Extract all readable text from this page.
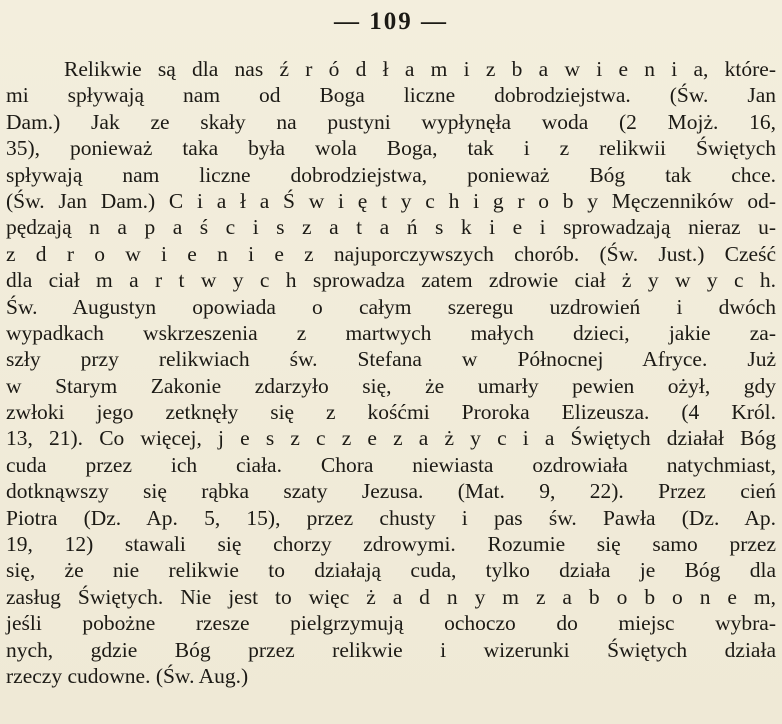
— 109 —
Relikwie są dla nas ź r ó d ł a m i z b a w i e n i a, które-
mi spływają nam od Boga liczne dobrodziejstwa. (Św. Jan
Dam.) Jak ze skały na pustyni wypłynęła woda (2 Mojż. 16,
35), ponieważ taka była wola Boga, tak i z relikwii Świętych
spływają nam liczne dobrodziejstwa, ponieważ Bóg tak chce.
(Św. Jan Dam.) C i a ł a Ś w i ę t y c h i g r o b y Męczenników od-
pędzają n a p a ś c i s z a t a ń s k i e i sprowadzają nieraz u-
z d r o w i e n i e z najuporczywszych chorób. (Św. Just.) Cześć
dla ciał m a r t w y c h sprowadza zatem zdrowie ciał ż y w y c h.
Św. Augustyn opowiada o całym szeregu uzdrowień i dwóch
wypadkach wskrzeszenia z martwych małych dzieci, jakie za-
szły przy relikwiach św. Stefana w Północnej Afryce. Już
w Starym Zakonie zdarzyło się, że umarły pewien ożył, gdy
zwłoki jego zetknęły się z kośćmi Proroka Elizeusza. (4 Król.
13, 21). Co więcej, j e s z c z e z a ż y c i a Świętych działał Bóg
cuda przez ich ciała. Chora niewiasta ozdrowiała natychmiast,
dotknąwszy się rąbka szaty Jezusa. (Mat. 9, 22). Przez cień
Piotra (Dz. Ap. 5, 15), przez chusty i pas św. Pawła (Dz. Ap.
19, 12) stawali się chorzy zdrowymi. Rozumie się samo przez
się, że nie relikwie to działają cuda, tylko działa je Bóg dla
zasług Świętych. Nie jest to więc ż a d n y m z a b o b o n e m,
jeśli pobożne rzesze pielgrzymują ochoczo do miejsc wybra-
nych, gdzie Bóg przez relikwie i wizerunki Świętych działa
rzeczy cudowne. (Św. Aug.)
